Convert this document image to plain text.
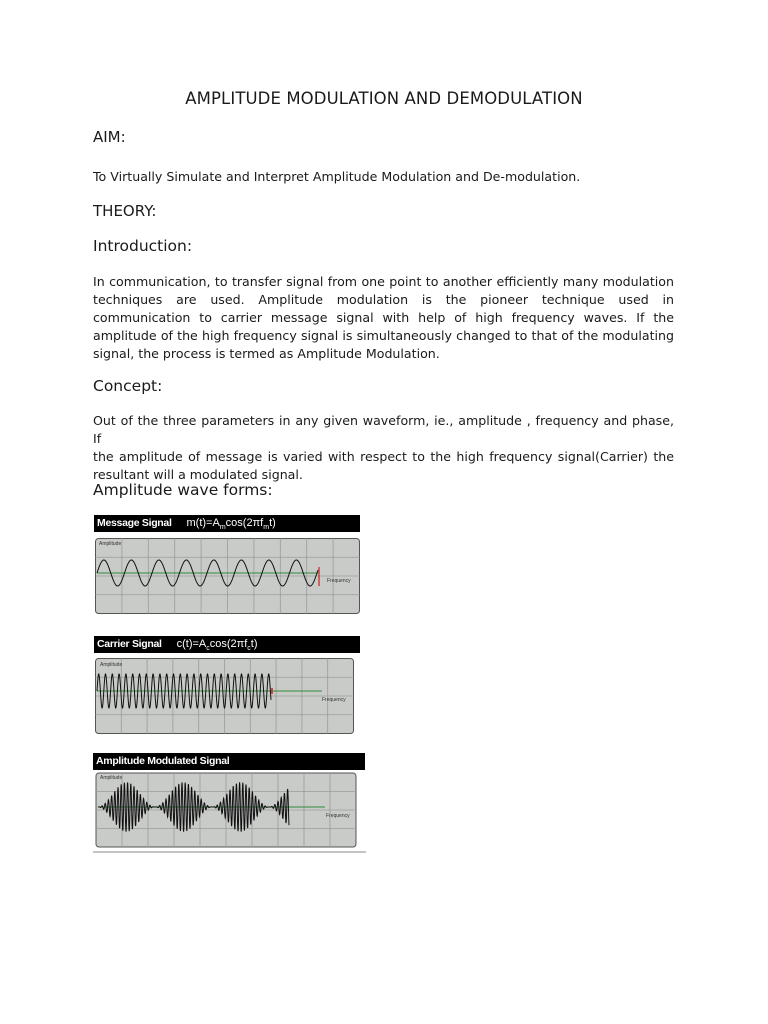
AMPLITUDE MODULATION AND DEMODULATION
AIM:
To Virtually Simulate and Interpret Amplitude Modulation and De-modulation.
THEORY:
Introduction:
In communication, to transfer signal from one point to another efficiently many modulation
techniques are used. Amplitude modulation is the pioneer technique used in
communication to carrier message signal with help of high frequency waves. If the
amplitude of the high frequency signal is simultaneously changed to that of the modulating
signal, the process is termed as Amplitude Modulation.
Concept:
Out of the three parameters in any given waveform, ie., amplitude , frequency and phase, If
the amplitude of message is varied with respect to the high frequency signal(Carrier) the
resultant will a modulated signal.
Amplitude wave forms:
Message Signal $m(t)=A_m\cos(2\pi f_mt)$
Amplitude
Frequency
Carrier Signal $c(t)=A_c\cos(2\pi f_ct)$
Amplitude
Frequency
Amplitude Modulated Signal
Amplitude
Frequency
